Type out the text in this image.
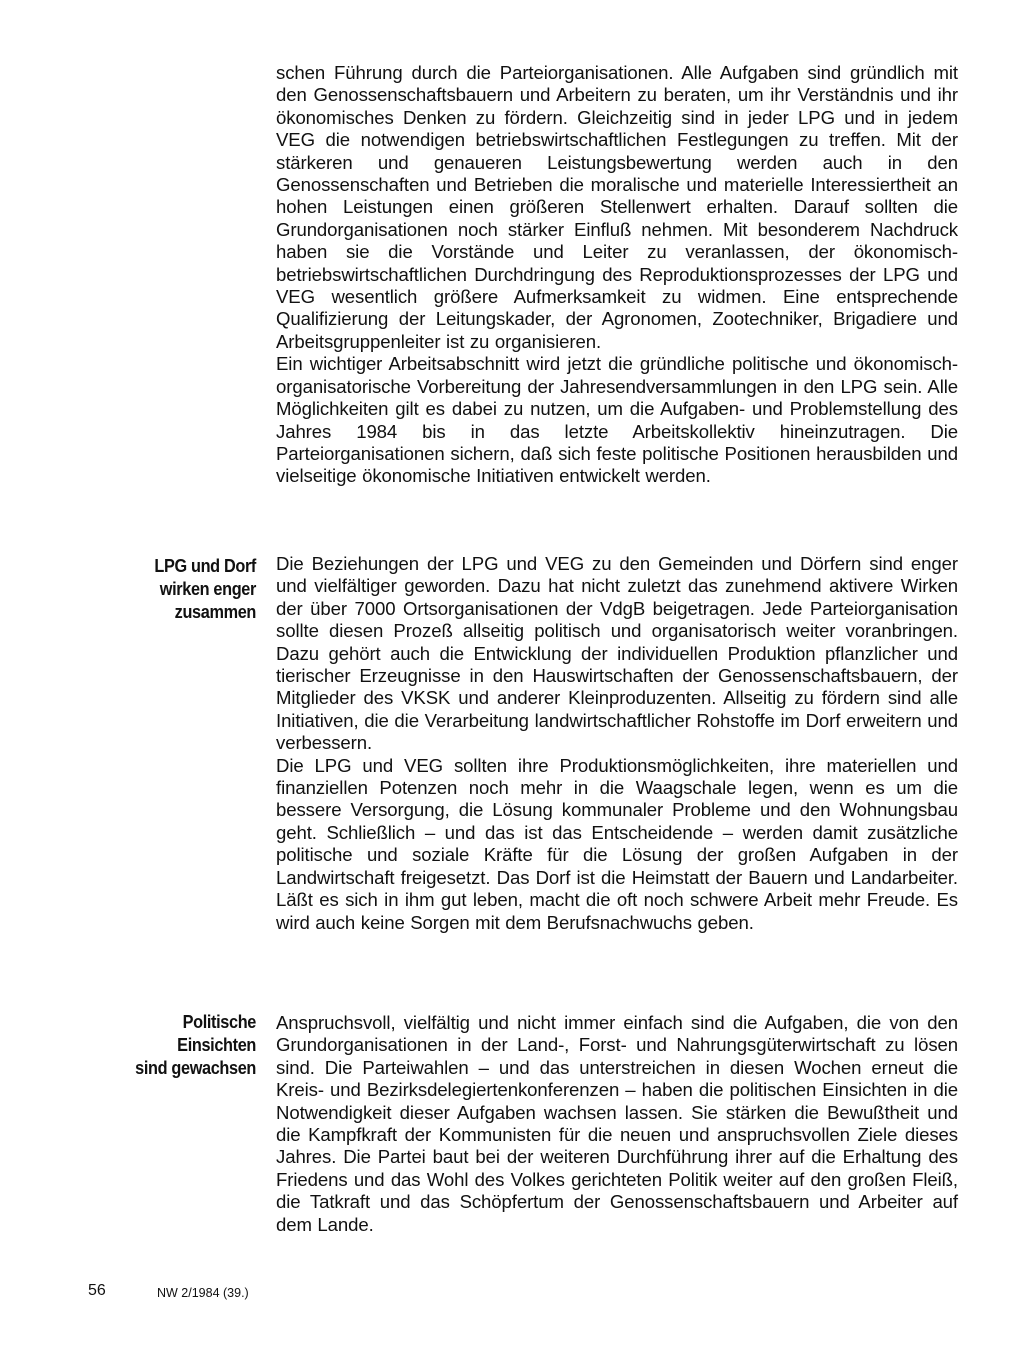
schen Führung durch die Parteiorganisationen. Alle Aufgaben sind gründlich mit den Genossenschaftsbauern und Arbeitern zu beraten, um ihr Verständnis und ihr ökonomisches Denken zu fördern. Gleichzeitig sind in jeder LPG und in jedem VEG die notwendigen betriebswirtschaftlichen Festlegungen zu treffen. Mit der stärkeren und genaueren Leistungsbewertung werden auch in den Genossenschaften und Betrieben die moralische und materielle Interessiertheit an hohen Leistungen einen größeren Stellenwert erhalten. Darauf sollten die Grundorganisationen noch stärker Einfluß nehmen. Mit besonderem Nachdruck haben sie die Vorstände und Leiter zu veranlassen, der ökonomisch-betriebswirtschaftlichen Durchdringung des Reproduktionsprozesses der LPG und VEG wesentlich größere Aufmerksamkeit zu widmen. Eine entsprechende Qualifizierung der Leitungskader, der Agronomen, Zootechniker, Brigadiere und Arbeitsgruppenleiter ist zu organisieren.

Ein wichtiger Arbeitsabschnitt wird jetzt die gründliche politische und ökonomisch-organisatorische Vorbereitung der Jahresendversammlungen in den LPG sein. Alle Möglichkeiten gilt es dabei zu nutzen, um die Aufgaben- und Problemstellung des Jahres 1984 bis in das letzte Arbeitskollektiv hineinzutragen. Die Parteiorganisationen sichern, daß sich feste politische Positionen herausbilden und vielseitige ökonomische Initiativen entwickelt werden.

LPG und Dorf
wirken enger
zusammen

Die Beziehungen der LPG und VEG zu den Gemeinden und Dörfern sind enger und vielfältiger geworden. Dazu hat nicht zuletzt das zunehmend aktivere Wirken der über 7000 Ortsorganisationen der VdgB beigetragen. Jede Parteiorganisation sollte diesen Prozeß allseitig politisch und organisatorisch weiter voranbringen. Dazu gehört auch die Entwicklung der individuellen Produktion pflanzlicher und tierischer Erzeugnisse in den Hauswirtschaften der Genossenschaftsbauern, der Mitglieder des VKSK und anderer Kleinproduzenten. Allseitig zu fördern sind alle Initiativen, die die Verarbeitung landwirtschaftlicher Rohstoffe im Dorf erweitern und verbessern.

Die LPG und VEG sollten ihre Produktionsmöglichkeiten, ihre materiellen und finanziellen Potenzen noch mehr in die Waagschale legen, wenn es um die bessere Versorgung, die Lösung kommunaler Probleme und den Wohnungsbau geht. Schließlich – und das ist das Entscheidende – werden damit zusätzliche politische und soziale Kräfte für die Lösung der großen Aufgaben in der Landwirtschaft freigesetzt. Das Dorf ist die Heimstatt der Bauern und Landarbeiter. Läßt es sich in ihm gut leben, macht die oft noch schwere Arbeit mehr Freude. Es wird auch keine Sorgen mit dem Berufsnachwuchs geben.

Politische
Einsichten
sind gewachsen

Anspruchsvoll, vielfältig und nicht immer einfach sind die Aufgaben, die von den Grundorganisationen in der Land-, Forst- und Nahrungsgüterwirtschaft zu lösen sind. Die Parteiwahlen – und das unterstreichen in diesen Wochen erneut die Kreis- und Bezirksdelegiertenkonferenzen – haben die politischen Einsichten in die Notwendigkeit dieser Aufgaben wachsen lassen. Sie stärken die Bewußtheit und die Kampfkraft der Kommunisten für die neuen und anspruchsvollen Ziele dieses Jahres. Die Partei baut bei der weiteren Durchführung ihrer auf die Erhaltung des Friedens und das Wohl des Volkes gerichteten Politik weiter auf den großen Fleiß, die Tatkraft und das Schöpfertum der Genossenschaftsbauern und Arbeiter auf dem Lande.

56	NW 2/1984 (39.)
